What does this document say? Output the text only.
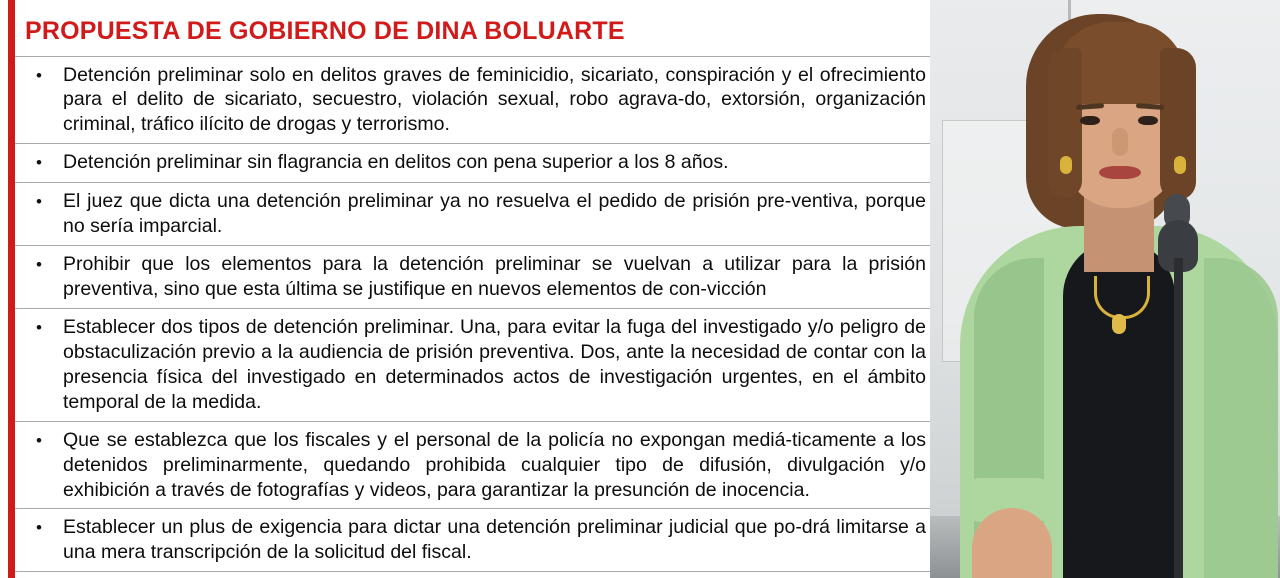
PROPUESTA DE GOBIERNO DE DINA BOLUARTE
•	Detención preliminar solo en delitos graves de feminicidio, sicariato, conspiración y el ofrecimiento para el delito de sicariato, secuestro, violación sexual, robo agrava-do, extorsión, organización criminal, tráfico ilícito de drogas y terrorismo.
•	Detención preliminar sin flagrancia en delitos con pena superior a los 8 años.
•	El juez que dicta una detención preliminar ya no resuelva el pedido de prisión pre-ventiva, porque no sería imparcial.
•	Prohibir que los elementos para la detención preliminar se vuelvan a utilizar para la prisión preventiva, sino que esta última se justifique en nuevos elementos de con-vicción
•	Establecer dos tipos de detención preliminar. Una, para evitar la fuga del investigado y/o peligro de obstaculización previo a la audiencia de prisión preventiva. Dos, ante la necesidad de contar con la presencia física del investigado en determinados actos de investigación urgentes, en el ámbito temporal de la medida.
•	Que se establezca que los fiscales y el personal de la policía no expongan mediá-ticamente a los detenidos preliminarmente, quedando prohibida cualquier tipo de difusión, divulgación y/o exhibición a través de fotografías y videos, para garantizar la presunción de inocencia.
•	Establecer un plus de exigencia para dictar una detención preliminar judicial que po-drá limitarse a una mera transcripción de la solicitud del fiscal.
